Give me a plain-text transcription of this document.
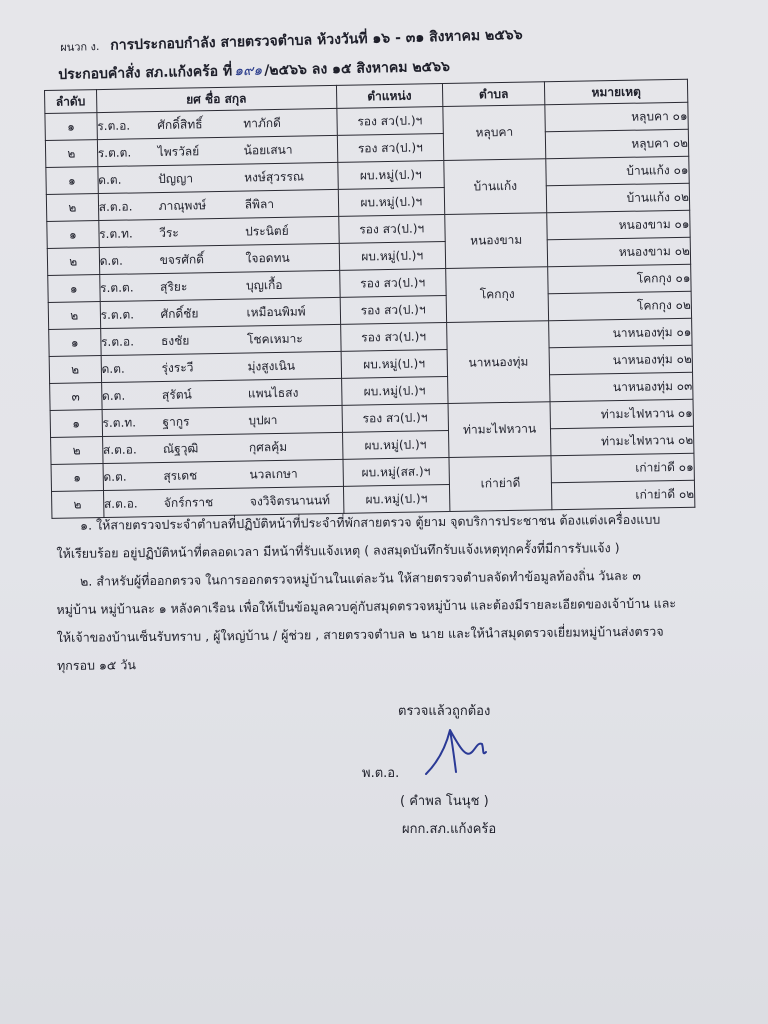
ผนวก ง. การประกอบกำลัง สายตรวจตำบล ห้วงวันที่ ๑๖ - ๓๑ สิงหาคม ๒๕๖๖
ประกอบคำสั่ง สภ.แก้งคร้อ ที่ ๑๙๑ /๒๕๖๖ ลง ๑๕ สิงหาคม ๒๕๖๖
ลำดับ	ยศ ชื่อ สกุล	ตำแหน่ง	ตำบล	หมายเหตุ
๑	ร.ต.อ. ศักดิ์สิทธิ์ ทาภักดี	รอง สว(ป.)ฯ	หลุบคา	หลุบคา ๐๑
๒	ร.ต.ต. ไพรวัลย์ น้อยเสนา	รอง สว(ป.)ฯ		หลุบคา ๐๒
๑	ด.ต. ปัญญา หงษ์สุวรรณ	ผบ.หมู่(ป.)ฯ	บ้านแก้ง	บ้านแก้ง ๐๑
๒	ส.ต.อ. ภาณุพงษ์ ลีพิลา	ผบ.หมู่(ป.)ฯ		บ้านแก้ง ๐๒
๑	ร.ต.ท. วีระ ประนิตย์	รอง สว(ป.)ฯ	หนองขาม	หนองขาม ๐๑
๒	ด.ต. ขจรศักดิ์ ใจอดทน	ผบ.หมู่(ป.)ฯ		หนองขาม ๐๒
๑	ร.ต.ต. สุริยะ บุญเกื้อ	รอง สว(ป.)ฯ	โคกกุง	โคกกุง ๐๑
๒	ร.ต.ต. ศักดิ์ชัย เหมือนพิมพ์	รอง สว(ป.)ฯ		โคกกุง ๐๒
๑	ร.ต.อ. ธงชัย โชคเหมาะ	รอง สว(ป.)ฯ	นาหนองทุ่ม	นาหนองทุ่ม ๐๑
๒	ด.ต. รุ่งระวี มุ่งสูงเนิน	ผบ.หมู่(ป.)ฯ		นาหนองทุ่ม ๐๒
๓	ด.ต. สุรัตน์ แพนไธสง	ผบ.หมู่(ป.)ฯ		นาหนองทุ่ม ๐๓
๑	ร.ต.ท. ฐากูร บุปผา	รอง สว(ป.)ฯ	ท่ามะไฟหวาน	ท่ามะไฟหวาน ๐๑
๒	ส.ต.อ. ณัฐวุฒิ กุศลคุ้ม	ผบ.หมู่(ป.)ฯ		ท่ามะไฟหวาน ๐๒
๑	ด.ต. สุรเดช นวลเกษา	ผบ.หมู่(สส.)ฯ	เก่าย่าดี	เก่าย่าดี ๐๑
๒	ส.ต.อ. จักร์กราช จงวิจิตรนานนท์	ผบ.หมู่(ป.)ฯ		เก่าย่าดี ๐๒
๑. ให้สายตรวจประจำตำบลที่ปฏิบัติหน้าที่ประจำที่พักสายตรวจ ตู้ยาม จุดบริการประชาชน ต้องแต่งเครื่องแบบ
ให้เรียบร้อย อยู่ปฏิบัติหน้าที่ตลอดเวลา มีหน้าที่รับแจ้งเหตุ ( ลงสมุดบันทึกรับแจ้งเหตุทุกครั้งที่มีการรับแจ้ง )
๒. สำหรับผู้ที่ออกตรวจ ในการออกตรวจหมู่บ้านในแต่ละวัน ให้สายตรวจตำบลจัดทำข้อมูลท้องถิ่น วันละ ๓
หมู่บ้าน หมู่บ้านละ ๑ หลังคาเรือน เพื่อให้เป็นข้อมูลควบคู่กับสมุดตรวจหมู่บ้าน และต้องมีรายละเอียดของเจ้าบ้าน และ
ให้เจ้าของบ้านเซ็นรับทราบ , ผู้ใหญ่บ้าน / ผู้ช่วย , สายตรวจตำบล ๒ นาย และให้นำสมุดตรวจเยี่ยมหมู่บ้านส่งตรวจ
ทุกรอบ ๑๕ วัน
ตรวจแล้วถูกต้อง
พ.ต.อ.
( คำพล โนนุช )
ผกก.สภ.แก้งคร้อ
